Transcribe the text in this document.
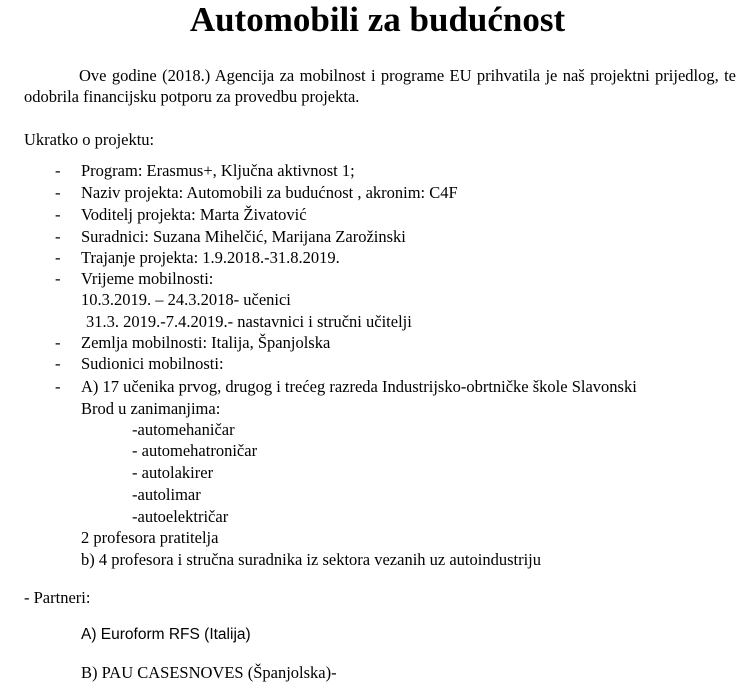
Automobili za budućnost

Ove godine (2018.) Agencija za mobilnost i programe EU prihvatila je naš projektni prijedlog, te odobrila financijsku potporu za provedbu projekta.

Ukratko o projektu:
- Program: Erasmus+, Ključna aktivnost 1;
- Naziv projekta: Automobili za budućnost , akronim: C4F
- Voditelj projekta: Marta Živatović
- Suradnici: Suzana Mihelčić, Marijana Zarožinski
- Trajanje projekta: 1.9.2018.-31.8.2019.
- Vrijeme mobilnosti:
10.3.2019. – 24.3.2018- učenici
31.3. 2019.-7.4.2019.- nastavnici i stručni učitelji
- Zemlja mobilnosti: Italija, Španjolska
- Sudionici mobilnosti:
- A) 17 učenika prvog, drugog i trećeg razreda Industrijsko-obrtničke škole Slavonski
Brod u zanimanjima:
-automehaničar
- automehatroničar
- autolakirer
-autolimar
-autoelektričar
2 profesora pratitelja
b) 4 profesora i stručna suradnika iz sektora vezanih uz autoindustriju
- Partneri:
A) Euroform RFS (Italija)
B) PAU CASESNOVES (Španjolska)-
